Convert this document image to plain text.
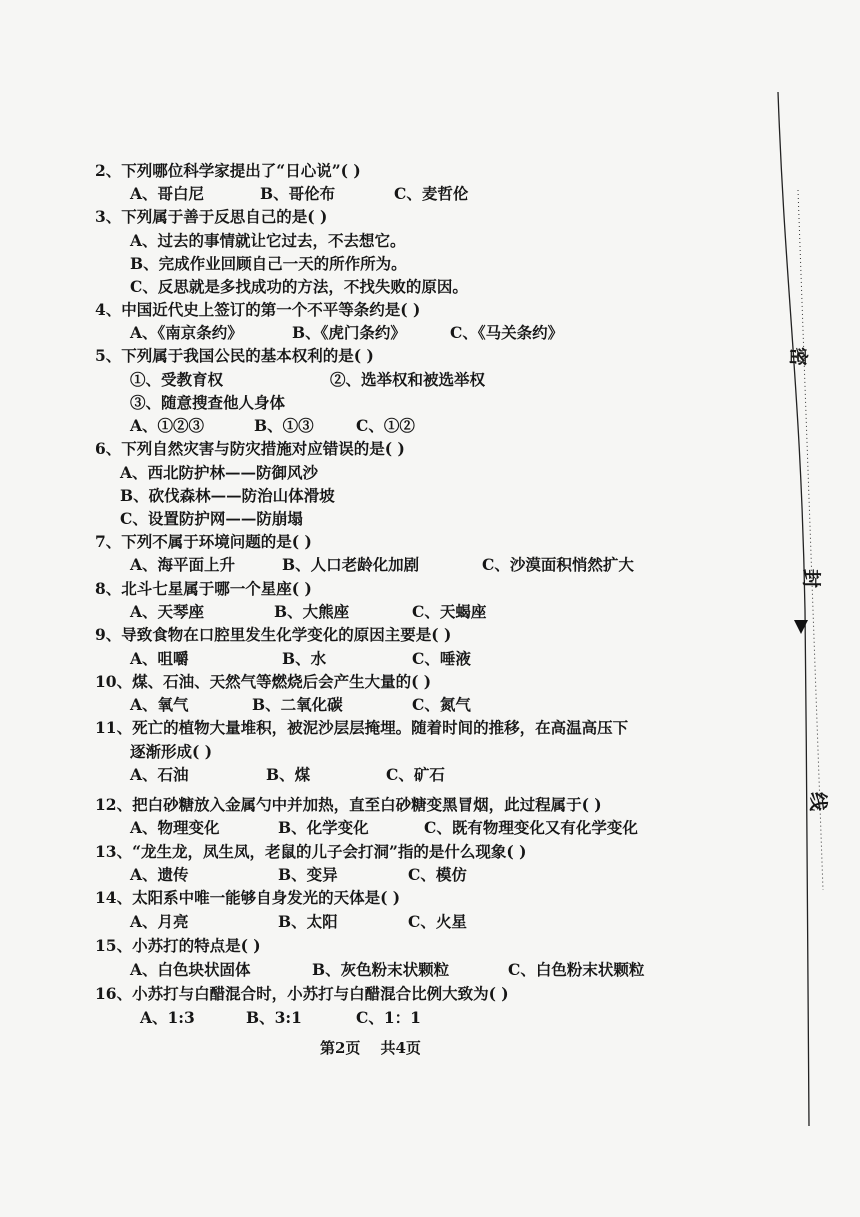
2、下列哪位科学家提出了“日心说”( )
A、哥白尼	B、哥伦布	C、麦哲伦
3、下列属于善于反思自己的是( )
A、过去的事情就让它过去，不去想它。
B、完成作业回顾自己一天的所作所为。
C、反思就是多找成功的方法，不找失败的原因。
4、中国近代史上签订的第一个不平等条约是( )
A、《南京条约》	B、《虎门条约》	C、《马关条约》
5、下列属于我国公民的基本权利的是( )
①、受教育权	②、选举权和被选举权
③、随意搜查他人身体
A、①②③	B、①③	C、①②
6、下列自然灾害与防灾措施对应错误的是( )
A、西北防护林——防御风沙
B、砍伐森林——防治山体滑坡
C、设置防护网——防崩塌
7、下列不属于环境问题的是( )
A、海平面上升	B、人口老龄化加剧	C、沙漠面积悄然扩大
8、北斗七星属于哪一个星座( )
A、天琴座	B、大熊座	C、天蝎座
9、导致食物在口腔里发生化学变化的原因主要是( )
A、咀嚼	B、水	C、唾液
10、煤、石油、天然气等燃烧后会产生大量的( )
A、氧气	B、二氧化碳	C、氮气
11、死亡的植物大量堆积，被泥沙层层掩埋。随着时间的推移，在高温高压下
逐渐形成( )
A、石油	B、煤	C、矿石
12、把白砂糖放入金属勺中并加热，直至白砂糖变黑冒烟，此过程属于( )
A、物理变化	B、化学变化	C、既有物理变化又有化学变化
13、“龙生龙，凤生凤，老鼠的儿子会打洞”指的是什么现象( )
A、遗传	B、变异	C、模仿
14、太阳系中唯一能够自身发光的天体是( )
A、月亮	B、太阳	C、火星
15、小苏打的特点是( )
A、白色块状固体	B、灰色粉末状颗粒	C、白色粉末状颗粒
16、小苏打与白醋混合时，小苏打与白醋混合比例大致为( )
A、1:3	B、3:1	C、1：1
第2页 共4页
密
封
线
